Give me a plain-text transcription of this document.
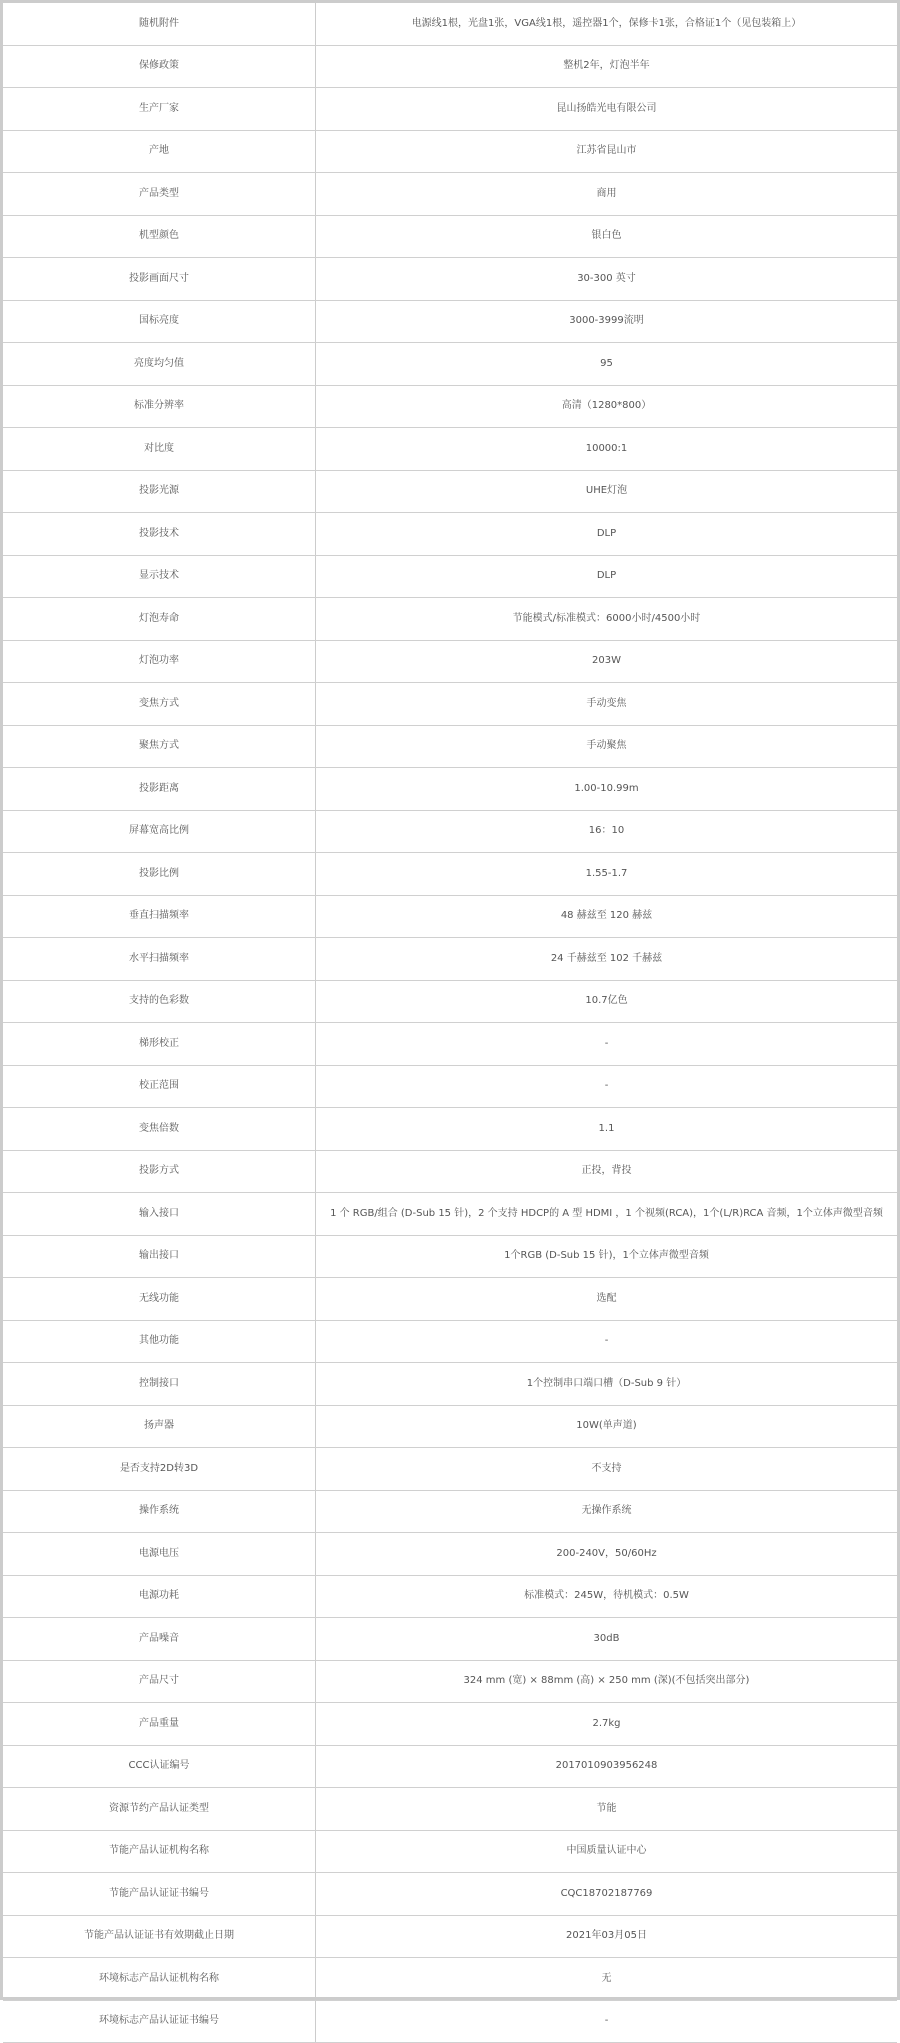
随机附件	电源线1根，光盘1张，VGA线1根，遥控器1个，保修卡1张，合格证1个（见包装箱上）
保修政策	整机2年，灯泡半年
生产厂家	昆山扬皓光电有限公司
产地	江苏省昆山市
产品类型	商用
机型颜色	银白色
投影画面尺寸	30-300 英寸
国标亮度	3000-3999流明
亮度均匀值	95
标准分辨率	高清（1280*800）
对比度	10000:1
投影光源	UHE灯泡
投影技术	DLP
显示技术	DLP
灯泡寿命	节能模式/标准模式：6000小时/4500小时
灯泡功率	203W
变焦方式	手动变焦
聚焦方式	手动聚焦
投影距离	1.00-10.99m
屏幕宽高比例	16：10
投影比例	1.55-1.7
垂直扫描频率	48 赫兹至 120 赫兹
水平扫描频率	24 千赫兹至 102 千赫兹
支持的色彩数	10.7亿色
梯形校正	-
校正范围	-
变焦倍数	1.1
投影方式	正投，背投
输入接口	1 个 RGB/组合 (D-Sub 15 针)，2 个支持 HDCP的 A 型 HDMI ，1 个视频(RCA)，1个(L/R)RCA 音频，1个立体声微型音频
输出接口	1个RGB (D-Sub 15 针)，1个立体声微型音频
无线功能	选配
其他功能	-
控制接口	1个控制串口端口槽（D-Sub 9 针）
扬声器	10W(单声道)
是否支持2D转3D	不支持
操作系统	无操作系统
电源电压	200-240V，50/60Hz
电源功耗	标准模式：245W，待机模式：0.5W
产品噪音	30dB
产品尺寸	324 mm (宽) × 88mm (高) × 250 mm (深)(不包括突出部分)
产品重量	2.7kg
CCC认证编号	2017010903956248
资源节约产品认证类型	节能
节能产品认证机构名称	中国质量认证中心
节能产品认证证书编号	CQC18702187769
节能产品认证证书有效期截止日期	2021年03月05日
环境标志产品认证机构名称	无
环境标志产品认证证书编号	-
